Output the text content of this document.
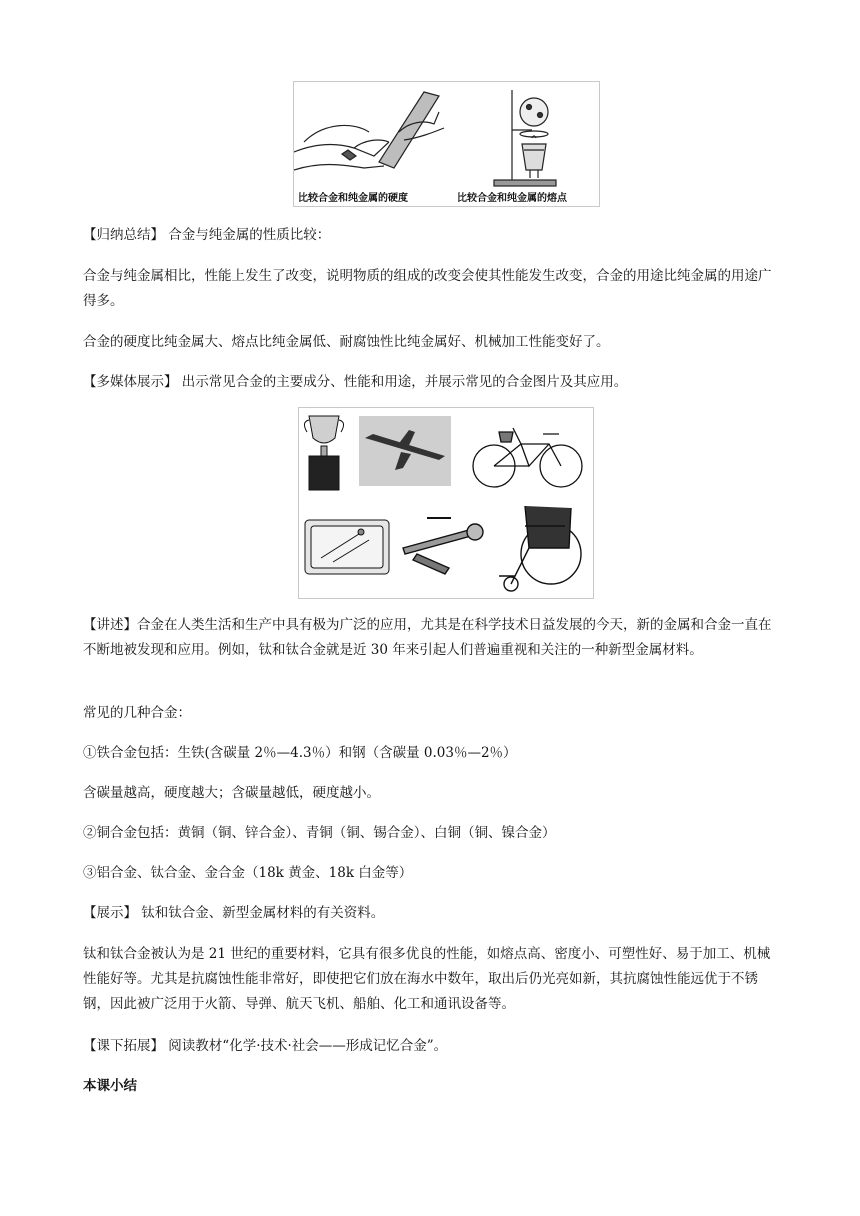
比较合金和纯金属的硬度	比较合金和纯金属的熔点
【归纳总结】 合金与纯金属的性质比较：
合金与纯金属相比，性能上发生了改变，说明物质的组成的改变会使其性能发生改变，合金的用途比纯金属的用途广得多。
合金的硬度比纯金属大、熔点比纯金属低、耐腐蚀性比纯金属好、机械加工性能变好了。
【多媒体展示】 出示常见合金的主要成分、性能和用途，并展示常见的合金图片及其应用。
【讲述】合金在人类生活和生产中具有极为广泛的应用，尤其是在科学技术日益发展的今天，新的金属和合金一直在不断地被发现和应用。例如，钛和钛合金就是近 30 年来引起人们普遍重视和关注的一种新型金属材料。
常见的几种合金：
①铁合金包括：生铁(含碳量 2％—4.3％）和钢（含碳量 0.03％—2％）
含碳量越高，硬度越大；含碳量越低，硬度越小。
②铜合金包括：黄铜（铜、锌合金）、青铜（铜、锡合金）、白铜（铜、镍合金）
③铝合金、钛合金、金合金（18k 黄金、18k 白金等）
【展示】 钛和钛合金、新型金属材料的有关资料。
钛和钛合金被认为是 21 世纪的重要材料，它具有很多优良的性能，如熔点高、密度小、可塑性好、易于加工、机械性能好等。尤其是抗腐蚀性能非常好，即使把它们放在海水中数年，取出后仍光亮如新，其抗腐蚀性能远优于不锈钢，因此被广泛用于火箭、导弹、航天飞机、船舶、化工和通讯设备等。
【课下拓展】 阅读教材“化学·技术·社会——形成记忆合金”。
本课小结
